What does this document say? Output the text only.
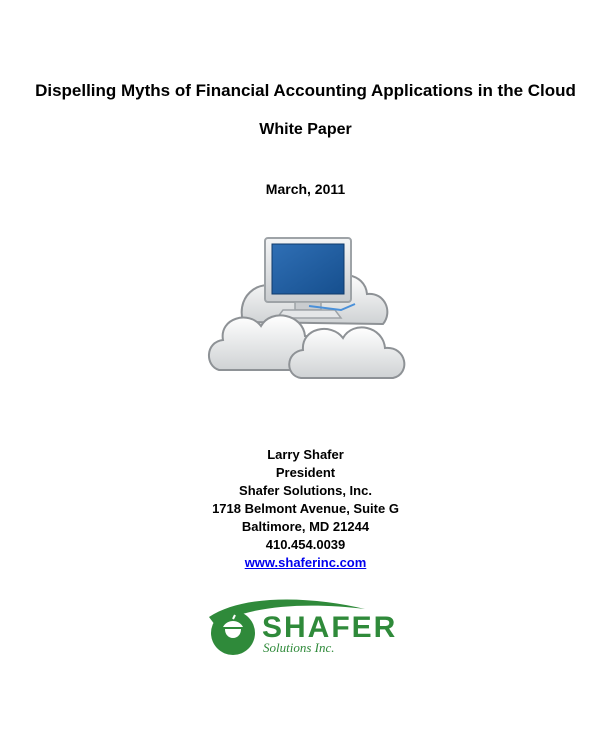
Dispelling Myths of Financial Accounting Applications in the Cloud
White Paper
March, 2011
Larry Shafer
President
Shafer Solutions, Inc.
1718 Belmont Avenue, Suite G
Baltimore, MD 21244
410.454.0039
www.shaferinc.com
SHAFER
Solutions Inc.
